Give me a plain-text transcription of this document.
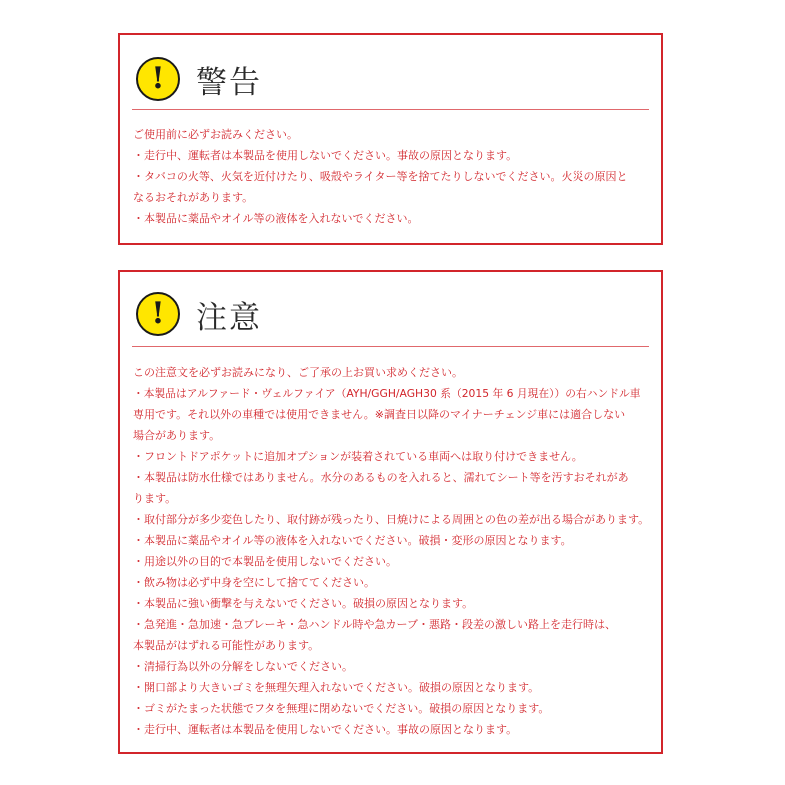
!	警告
ご使用前に必ずお読みください。
・走行中、運転者は本製品を使用しないでください。事故の原因となります。
・タバコの火等、火気を近付けたり、吸殻やライター等を捨てたりしないでください。火災の原因と
なるおそれがあります。
・本製品に薬品やオイル等の液体を入れないでください。
!	注意
この注意文を必ずお読みになり、ご了承の上お買い求めください。
・本製品はアルファード・ヴェルファイア（AYH/GGH/AGH30 系（2015 年 6 月現在））の右ハンドル車
専用です。それ以外の車種では使用できません。※調査日以降のマイナーチェンジ車には適合しない
場合があります。
・フロントドアポケットに追加オプションが装着されている車両へは取り付けできません。
・本製品は防水仕様ではありません。水分のあるものを入れると、濡れてシート等を汚すおそれがあ
ります。
・取付部分が多少変色したり、取付跡が残ったり、日焼けによる周囲との色の差が出る場合があります。
・本製品に薬品やオイル等の液体を入れないでください。破損・変形の原因となります。
・用途以外の目的で本製品を使用しないでください。
・飲み物は必ず中身を空にして捨ててください。
・本製品に強い衝撃を与えないでください。破損の原因となります。
・急発進・急加速・急ブレーキ・急ハンドル時や急カーブ・悪路・段差の激しい路上を走行時は、
本製品がはずれる可能性があります。
・清掃行為以外の分解をしないでください。
・開口部より大きいゴミを無理矢理入れないでください。破損の原因となります。
・ゴミがたまった状態でフタを無理に閉めないでください。破損の原因となります。
・走行中、運転者は本製品を使用しないでください。事故の原因となります。
